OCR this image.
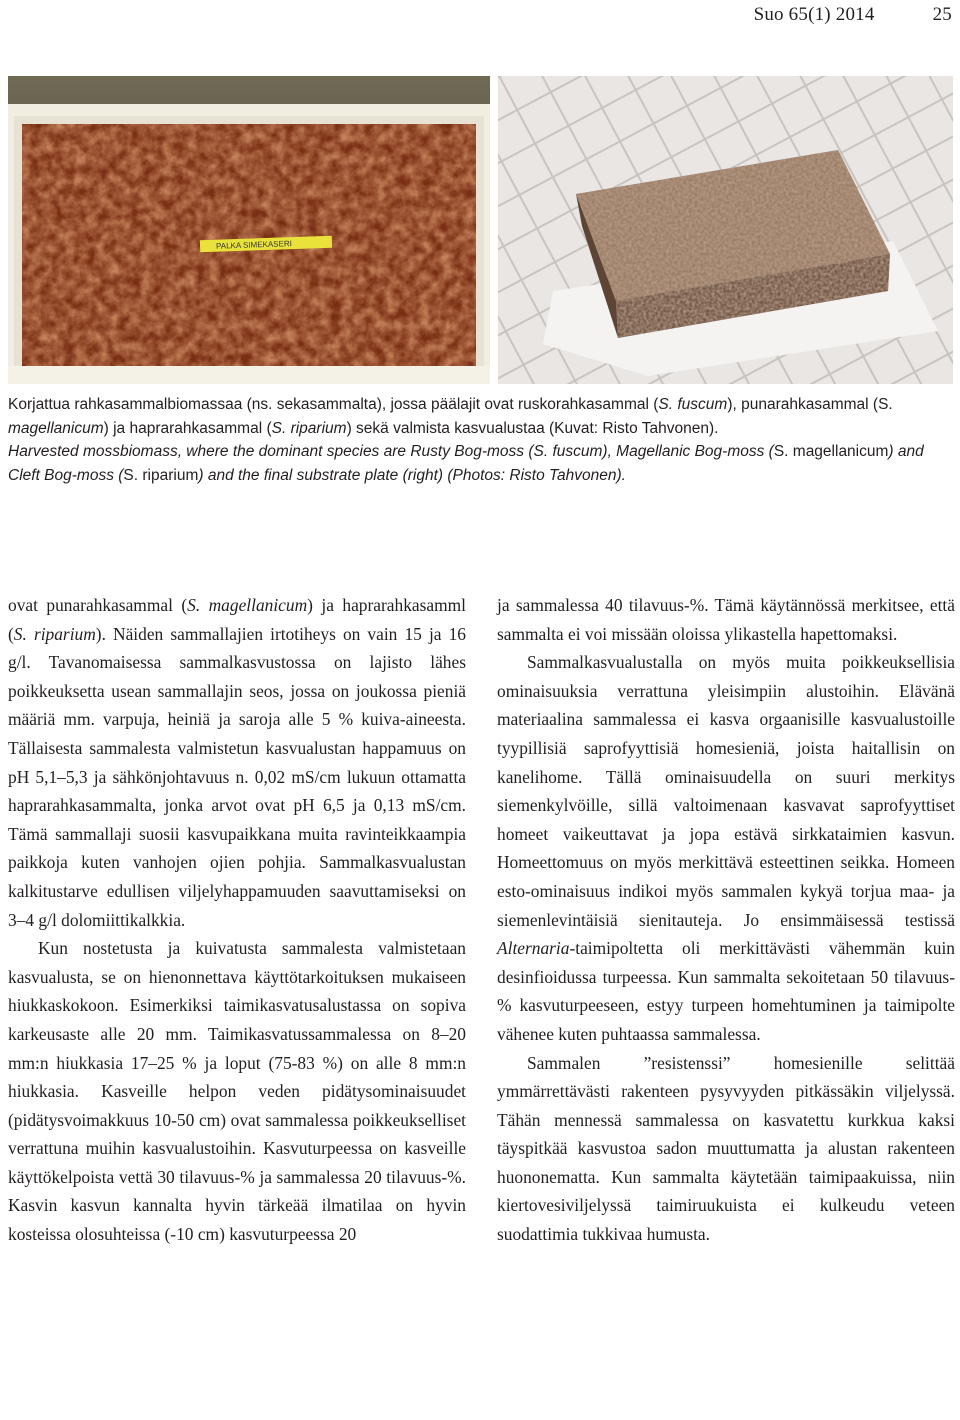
Suo 65(1) 2014	25
PALKA SIMEKASERI

Korjattua rahkasammalbiomassaa (ns. sekasammalta), jossa päälajit ovat ruskorahkasammal (S. fuscum), punarahkasammal (S. magellanicum) ja haprarahkasammal (S. riparium) sekä valmista kasvualustaa (Kuvat: Risto Tahvonen).

Harvested mossbiomass, where the dominant species are Rusty Bog-moss (S. fuscum), Magellanic Bog-moss (S. magellanicum) and Cleft Bog-moss (S. riparium) and the final substrate plate (right) (Photos: Risto Tahvonen).

ovat punarahkasammal (S. magellanicum) ja haprarahkasamml (S. riparium). Näiden sammallajien irtotiheys on vain 15 ja 16 g/l. Tavanomaisessa sammalkasvustossa on lajisto lähes poikkeuksetta usean sammallajin seos, jossa on joukossa pieniä määriä mm. varpuja, heiniä ja saroja alle 5 % kuiva-aineesta. Tällaisesta sammalesta valmistetun kasvualustan happamuus on pH 5,1–5,3 ja sähkönjohtavuus n. 0,02 mS/cm lukuun ottamatta haprarahkasammalta, jonka arvot ovat pH 6,5 ja 0,13 mS/cm. Tämä sammallaji suosii kasvupaikkana muita ravinteikkaampia paikkoja kuten vanhojen ojien pohjia. Sammalkasvualustan kalkitustarve edullisen viljelyhappamuuden saavuttamiseksi on 3–4 g/l dolomiittikalkkia.

Kun nostetusta ja kuivatusta sammalesta valmistetaan kasvualusta, se on hienonnettava käyttötarkoituksen mukaiseen hiukkaskokoon. Esimerkiksi taimikasvatusalustassa on sopiva karkeusaste alle 20 mm. Taimikasvatussammalessa on 8–20 mm:n hiukkasia 17–25 % ja loput (75-83 %) on alle 8 mm:n hiukkasia. Kasveille helpon veden pidätysominaisuudet (pidätysvoimakkuus 10-50 cm) ovat sammalessa poikkeukselliset verrattuna muihin kasvualustoihin. Kasvuturpeessa on kasveille käyttökelpoista vettä 30 tilavuus-% ja sammalessa 20 tilavuus-%. Kasvin kasvun kannalta hyvin tärkeää ilmatilaa on hyvin kosteissa olosuhteissa (-10 cm) kasvuturpeessa 20

ja sammalessa 40 tilavuus-%. Tämä käytännössä merkitsee, että sammalta ei voi missään oloissa ylikastella hapettomaksi.

Sammalkasvualustalla on myös muita poikkeuksellisia ominaisuuksia verrattuna yleisimpiin alustoihin. Elävänä materiaalina sammalessa ei kasva orgaanisille kasvualustoille tyypillisiä saprofyyttisiä homesieniä, joista haitallisin on kanelihome. Tällä ominaisuudella on suuri merkitys siemenkylvöille, sillä valtoimenaan kasvavat saprofyyttiset homeet vaikeuttavat ja jopa estävä sirkkataimien kasvun. Homeettomuus on myös merkittävä esteettinen seikka. Homeen esto-ominaisuus indikoi myös sammalen kykyä torjua maa- ja siemenlevintäisiä sienitauteja. Jo ensimmäisessä testissä Alternaria-taimipoltetta oli merkittävästi vähemmän kuin desinfioidussa turpeessa. Kun sammalta sekoitetaan 50 tilavuus-% kasvuturpeeseen, estyy turpeen homehtuminen ja taimipolte vähenee kuten puhtaassa sammalessa.

Sammalen ”resistenssi” homesienille selittää ymmärrettävästi rakenteen pysyvyyden pitkässäkin viljelyssä. Tähän mennessä sammalessa on kasvatettu kurkkua kaksi täyspitkää kasvustoa sadon muuttumatta ja alustan rakenteen huononematta. Kun sammalta käytetään taimipaakuissa, niin kiertovesiviljelyssä taimiruukuista ei kulkeudu veteen suodattimia tukkivaa humusta.
